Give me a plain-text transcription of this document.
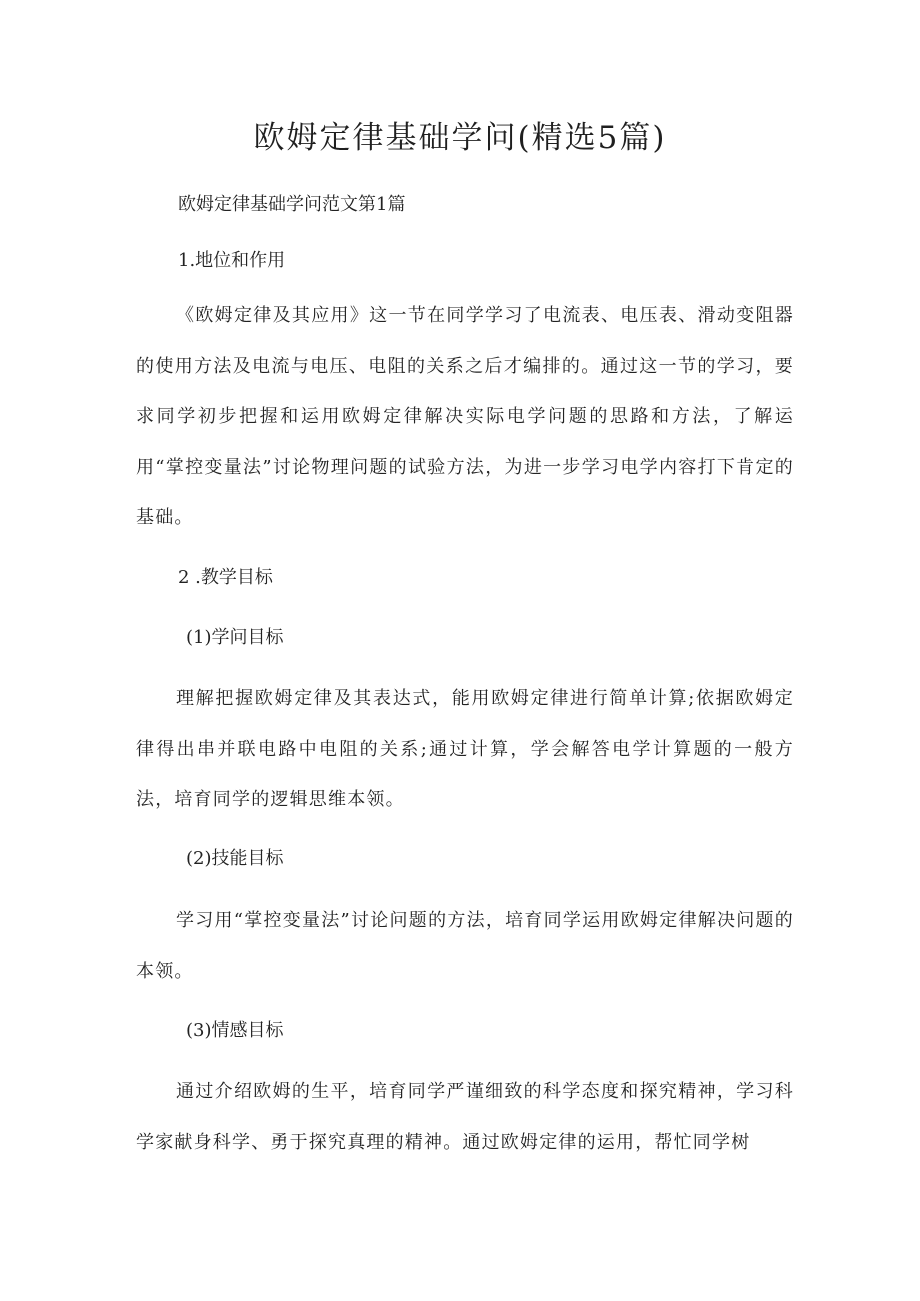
欧姆定律基础学问(精选5篇)
欧姆定律基础学问范文第1篇
1.地位和作用
《欧姆定律及其应用》这一节在同学学习了电流表、电压表、滑动变阻器的使用方法及电流与电压、电阻的关系之后才编排的。通过这一节的学习，要求同学初步把握和运用欧姆定律解决实际电学问题的思路和方法，了解运用“掌控变量法”讨论物理问题的试验方法，为进一步学习电学内容打下肯定的基础。
2 .教学目标
(1)学问目标
理解把握欧姆定律及其表达式，能用欧姆定律进行简单计算;依据欧姆定律得出串并联电路中电阻的关系;通过计算，学会解答电学计算题的一般方法，培育同学的逻辑思维本领。
(2)技能目标
学习用“掌控变量法”讨论问题的方法，培育同学运用欧姆定律解决问题的本领。
(3)情感目标
通过介绍欧姆的生平，培育同学严谨细致的科学态度和探究精神，学习科学家献身科学、勇于探究真理的精神。通过欧姆定律的运用，帮忙同学树
